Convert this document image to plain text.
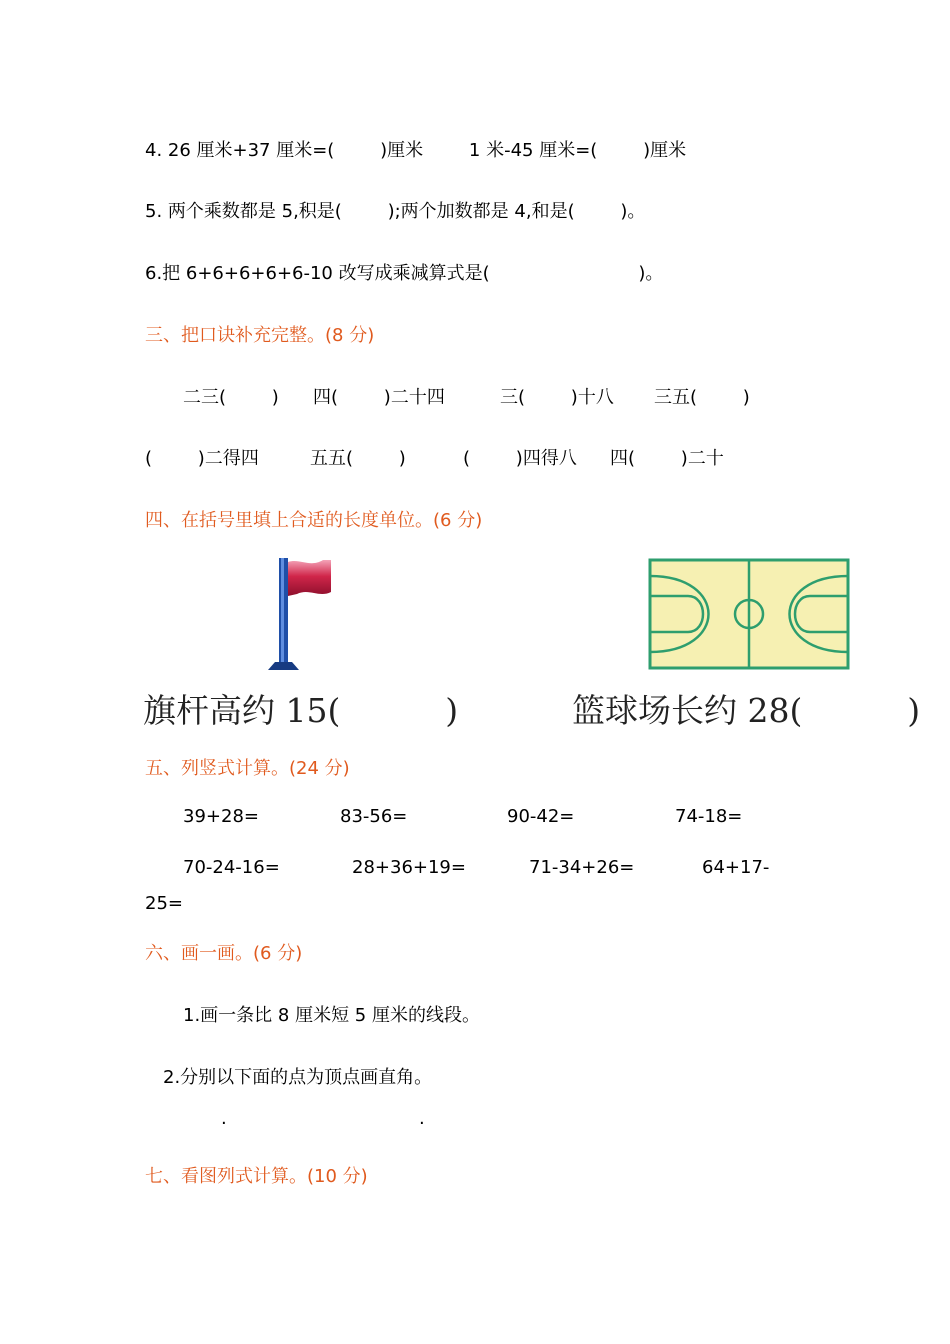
4. 26 厘米+37 厘米=(        )厘米        1 米-45 厘米=(        )厘米
5. 两个乘数都是 5,积是(        );两个加数都是 4,和是(        )。
6.把 6+6+6+6+6-10 改写成乘减算式是(                          )。
三、把口诀补充完整。(8 分)
二三(        ) 四(        )二十四	三(        )十八 三五(        )
(        )二得四	五五(        )	(        )四得八 四(        )二十
四、在括号里填上合适的长度单位。(6 分)
旗杆高约 15(          )	篮球场长约 28(          )
五、列竖式计算。(24 分)
39+28=	83-56=	90-42=	74-18=
70-24-16=	28+36+19=	71-34+26=	64+17-
25=
六、画一画。(6 分)
1.画一条比 8 厘米短 5 厘米的线段。
2.分别以下面的点为顶点画直角。
.	.
七、看图列式计算。(10 分)
